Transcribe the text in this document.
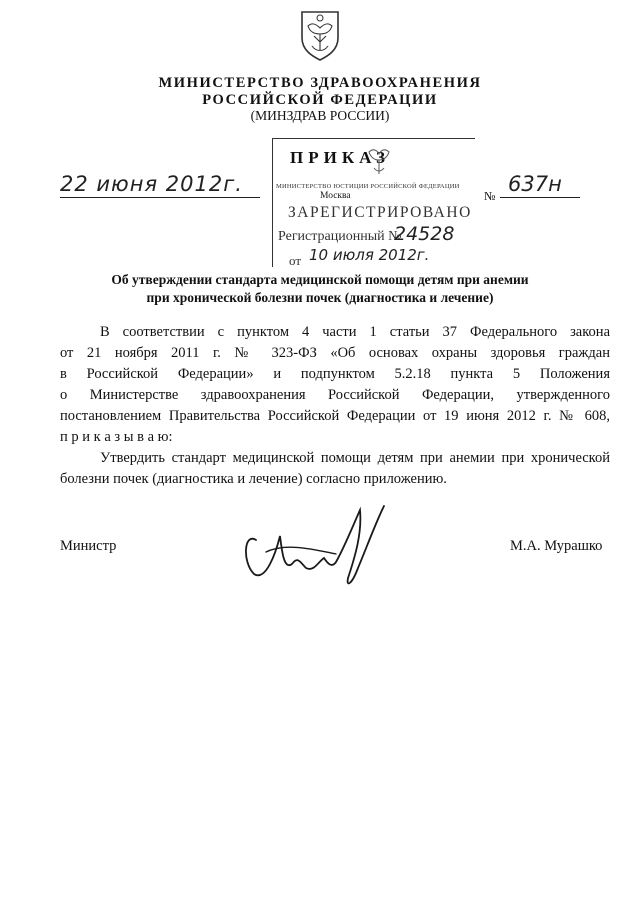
МИНИСТЕРСТВО ЗДРАВООХРАНЕНИЯ
РОССИЙСКОЙ ФЕДЕРАЦИИ
(МИНЗДРАВ РОССИИ)
ПРИКАЗ
МИНИСТЕРСТВО ЮСТИЦИИ РОССИЙСКОЙ ФЕДЕРАЦИИ
Москва
ЗАРЕГИСТРИРОВАНО
Регистрационный №
24528
от 10 июля 2012г.
22 июня 2012г.	№ 637н
Об утверждении стандарта медицинской помощи детям при анемии
при хронической болезни почек (диагностика и лечение)
В соответствии с пунктом 4 части 1 статьи 37 Федерального закона
от 21 ноября 2011 г. № 323-ФЗ «Об основах охраны здоровья граждан
в Российской Федерации» и подпунктом 5.2.18 пункта 5 Положения
о Министерстве здравоохранения Российской Федерации, утвержденного
постановлением Правительства Российской Федерации от 19 июня 2012 г. № 608,
п р и к а з ы в а ю:
Утвердить стандарт медицинской помощи детям при анемии при хронической
болезни почек (диагностика и лечение) согласно приложению.
Министр	М.А. Мурашко
